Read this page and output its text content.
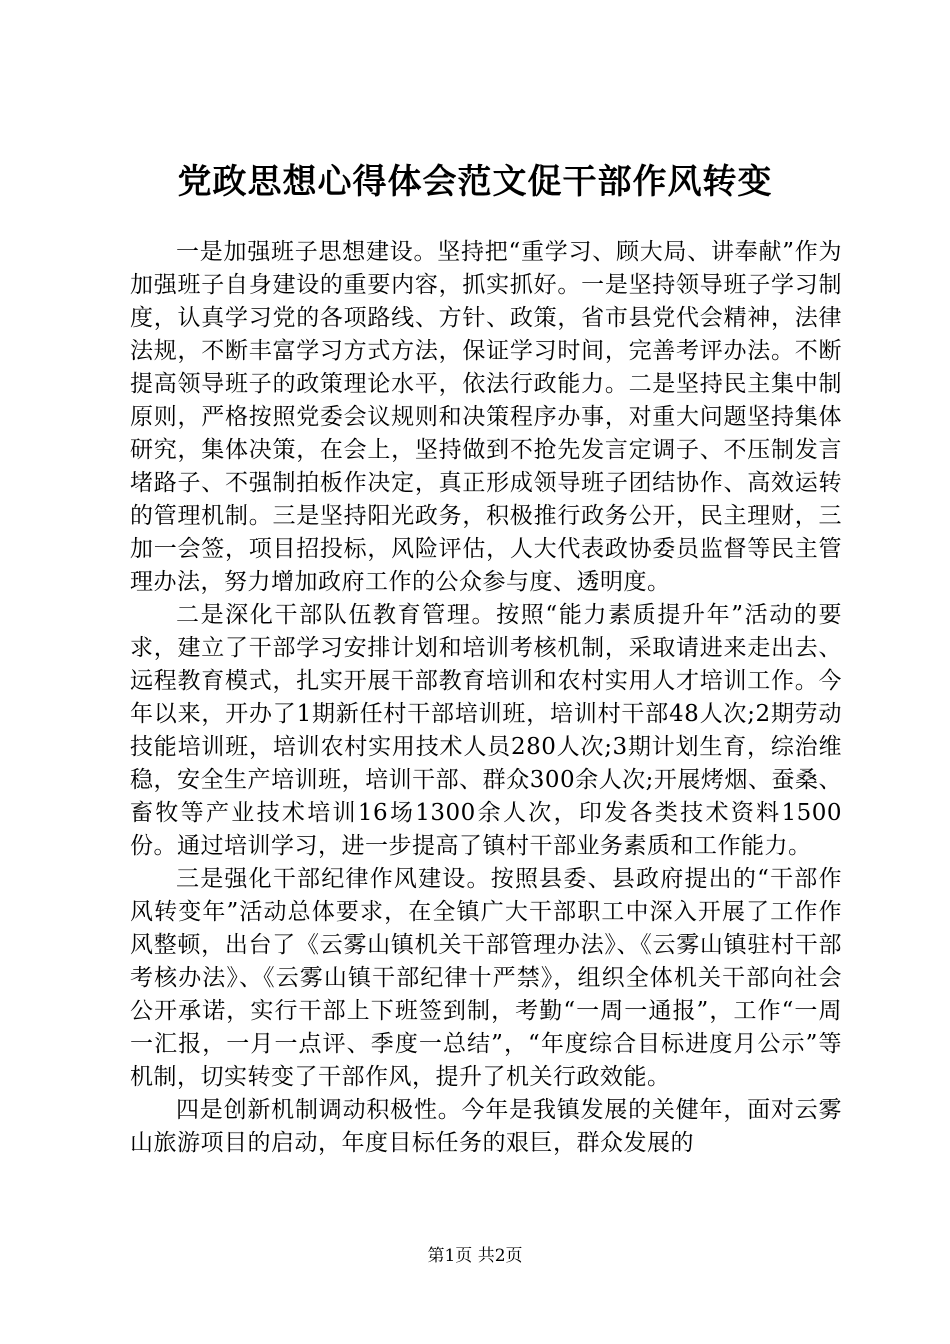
党政思想心得体会范文促干部作风转变

一是加强班子思想建设。坚持把“重学习、顾大局、讲奉献”作为加强班子自身建设的重要内容，抓实抓好。一是坚持领导班子学习制度，认真学习党的各项路线、方针、政策，省市县党代会精神，法律法规，不断丰富学习方式方法，保证学习时间，完善考评办法。不断提高领导班子的政策理论水平，依法行政能力。二是坚持民主集中制原则，严格按照党委会议规则和决策程序办事，对重大问题坚持集体研究，集体决策，在会上，坚持做到不抢先发言定调子、不压制发言堵路子、不强制拍板作决定，真正形成领导班子团结协作、高效运转的管理机制。三是坚持阳光政务，积极推行政务公开，民主理财，三加一会签，项目招投标，风险评估，人大代表政协委员监督等民主管理办法，努力增加政府工作的公众参与度、透明度。

二是深化干部队伍教育管理。按照“能力素质提升年”活动的要求，建立了干部学习安排计划和培训考核机制，采取请进来走出去、远程教育模式，扎实开展干部教育培训和农村实用人才培训工作。今年以来，开办了1期新任村干部培训班，培训村干部48人次;2期劳动技能培训班，培训农村实用技术人员280人次;3期计划生育，综治维稳，安全生产培训班，培训干部、群众300余人次;开展烤烟、蚕桑、畜牧等产业技术培训16场1300余人次，印发各类技术资料1500份。通过培训学习，进一步提高了镇村干部业务素质和工作能力。

三是强化干部纪律作风建设。按照县委、县政府提出的“干部作风转变年”活动总体要求，在全镇广大干部职工中深入开展了工作作风整顿，出台了《云雾山镇机关干部管理办法》、《云雾山镇驻村干部考核办法》、《云雾山镇干部纪律十严禁》，组织全体机关干部向社会公开承诺，实行干部上下班签到制，考勤“一周一通报”，工作“一周一汇报，一月一点评、季度一总结”，“年度综合目标进度月公示”等机制，切实转变了干部作风，提升了机关行政效能。

四是创新机制调动积极性。今年是我镇发展的关健年，面对云雾山旅游项目的启动，年度目标任务的艰巨，群众发展的

第1页 共2页
